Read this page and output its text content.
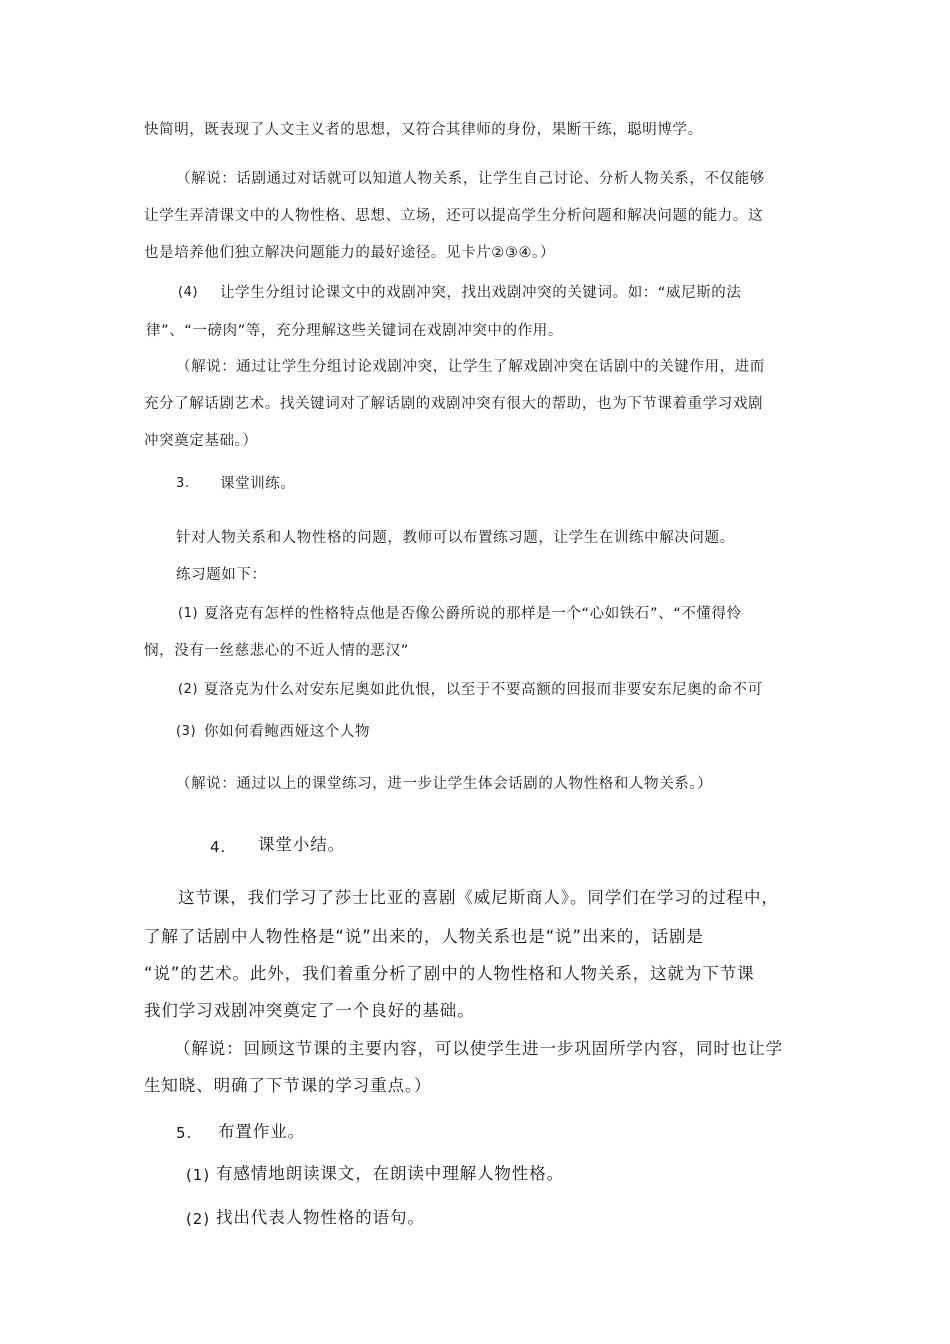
快简明，既表现了人文主义者的思想，又符合其律师的身份，果断干练，聪明博学。
（解说：话剧通过对话就可以知道人物关系，让学生自己讨论、分析人物关系，不仅能够
让学生弄清课文中的人物性格、思想、立场，还可以提高学生分析问题和解决问题的能力。这
也是培养他们独立解决问题能力的最好途径。见卡片②③④。）
(4) 让学生分组讨论课文中的戏剧冲突，找出戏剧冲突的关键词。如：“威尼斯的法
律”、“一磅肉”等，充分理解这些关键词在戏剧冲突中的作用。
（解说：通过让学生分组讨论戏剧冲突，让学生了解戏剧冲突在话剧中的关键作用，进而
充分了解话剧艺术。找关键词对了解话剧的戏剧冲突有很大的帮助，也为下节课着重学习戏剧
冲突奠定基础。）
3. 课堂训练。
针对人物关系和人物性格的问题，教师可以布置练习题，让学生在训练中解决问题。
练习题如下：
(1) 夏洛克有怎样的性格特点他是否像公爵所说的那样是一个“心如铁石”、“不懂得怜
悯，没有一丝慈悲心的不近人情的恶汉”
(2) 夏洛克为什么对安东尼奥如此仇恨，以至于不要高额的回报而非要安东尼奥的命不可
(3) 你如何看鲍西娅这个人物
（解说：通过以上的课堂练习，进一步让学生体会话剧的人物性格和人物关系。）
4. 课堂小结。
这节课，我们学习了莎士比亚的喜剧《威尼斯商人》。同学们在学习的过程中，
了解了话剧中人物性格是“说”出来的，人物关系也是“说”出来的，话剧是
“说”的艺术。此外，我们着重分析了剧中的人物性格和人物关系，这就为下节课
我们学习戏剧冲突奠定了一个良好的基础。
（解说：回顾这节课的主要内容，可以使学生进一步巩固所学内容，同时也让学
生知晓、明确了下节课的学习重点。）
5. 布置作业。
(1) 有感情地朗读课文，在朗读中理解人物性格。
(2) 找出代表人物性格的语句。
